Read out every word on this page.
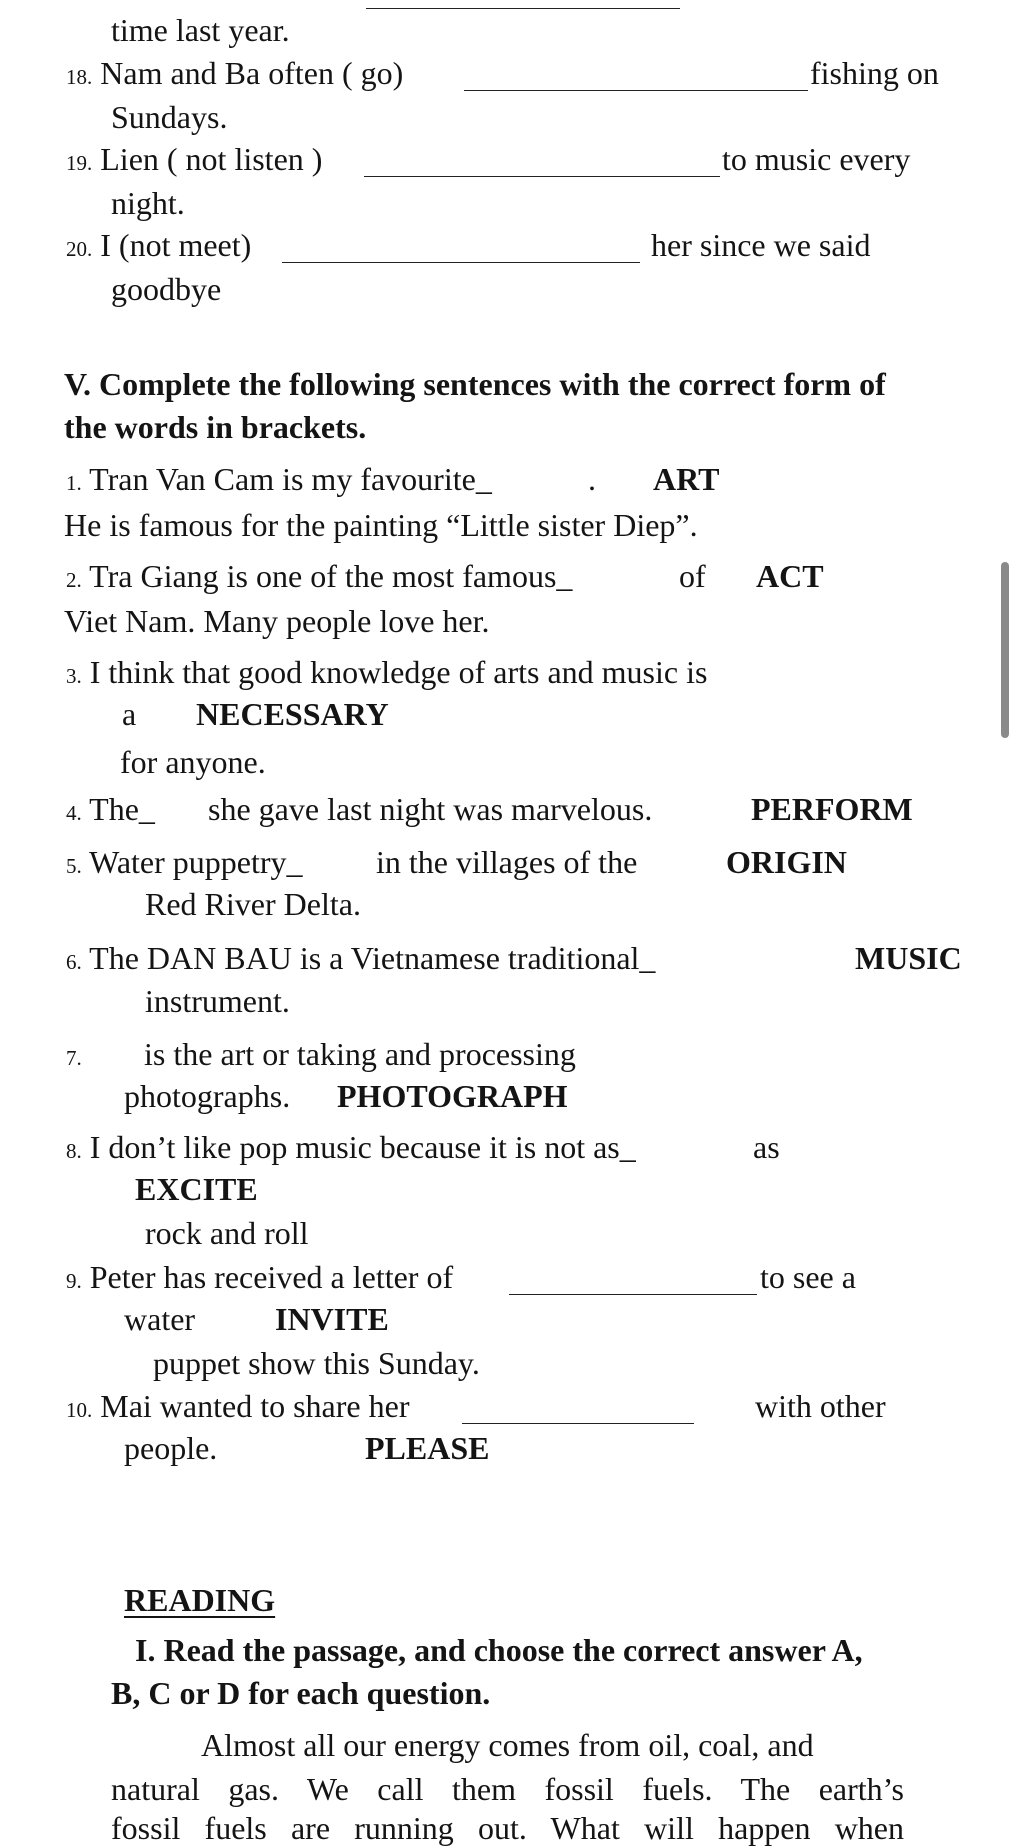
time last year.
18. Nam and Ba often ( go)	fishing on
Sundays.
19. Lien ( not listen )	to music every
night.
20. I (not meet)	her since we said
goodbye
V. Complete the following sentences with the correct form of
the words in brackets.
1. Tran Van Cam is my favourite_	. ART
He is famous for the painting “Little sister Diep”.
2. Tra Giang is one of the most famous_	of ACT
Viet Nam. Many people love her.
3. I think that good knowledge of arts and music is
a NECESSARY
for anyone.
4. The_ she gave last night was marvelous.	PERFORM
5. Water puppetry_ in the villages of the	ORIGIN
Red River Delta.
6. The DAN BAU is a Vietnamese traditional_	MUSIC
instrument.
7. is the art or taking and processing
photographs. PHOTOGRAPH
8. I don’t like pop music because it is not as_	as
EXCITE
rock and roll
9. Peter has received a letter of	to see a
water INVITE
puppet show this Sunday.
10. Mai wanted to share her	with other
people.	PLEASE
READING
I. Read the passage, and choose the correct answer A,
B, C or D for each question.
Almost all our energy comes from oil, coal, and
natural gas. We call them fossil fuels. The earth’s
fossil fuels are running out. What will happen when
